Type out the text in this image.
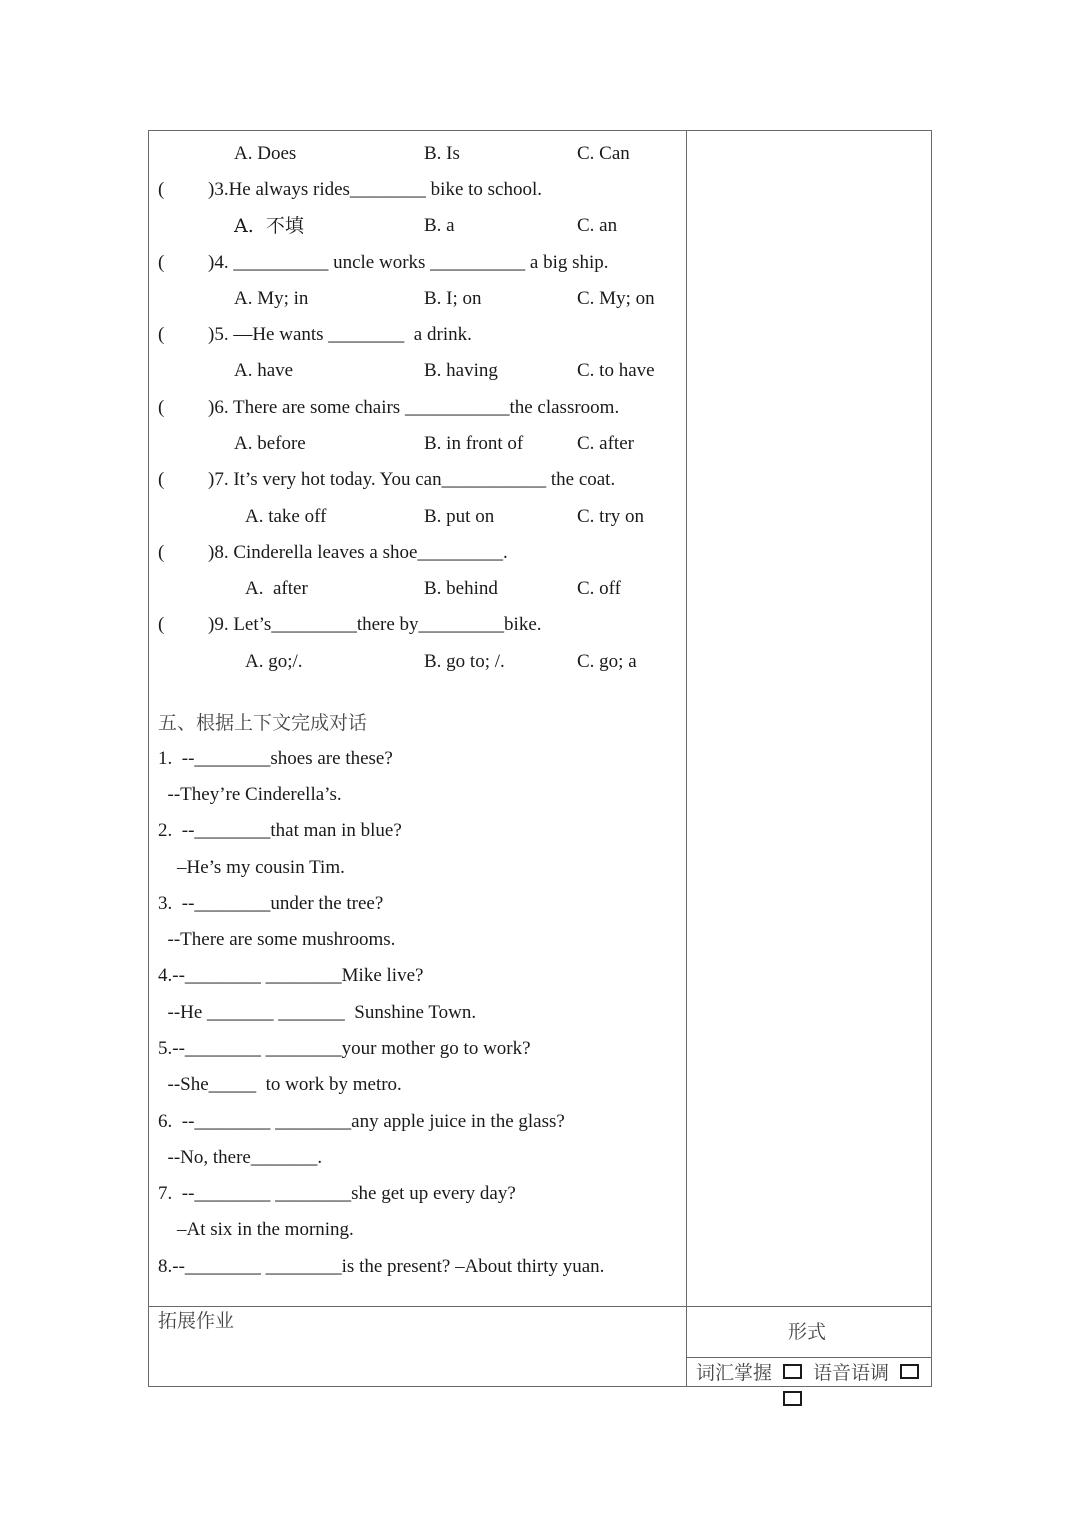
A. Does	B. Is	C. Can
( )3.He always rides________ bike to school.
A.  不填	B. a	C. an
( )4. __________ uncle works __________ a big ship.
A. My; in	B. I; on	C. My; on
( )5. —He wants ________  a drink.
A. have	B. having	C. to have
( )6. There are some chairs ___________the classroom.
A. before	B. in front of	C. after
( )7. It’s very hot today. You can___________ the coat.
A. take off	B. put on	C. try on
( )8. Cinderella leaves a shoe_________.
A.  after	B. behind	C. off
( )9. Let’s_________there by_________bike.
A. go;/.	B. go to; /.	C. go; a
五、根据上下文完成对话
1.  --________shoes are these?
--They’re Cinderella’s.
2.  --________that man in blue?
–He’s my cousin Tim.
3.  --________under the tree?
--There are some mushrooms.
4.--________ ________Mike live?
--He _______ _______  Sunshine Town.
5.--________ ________your mother go to work?
--She_____  to work by metro.
6.  --________ ________any apple juice in the glass?
--No, there_______.
7.  --________ ________she get up every day?
–At six in the morning.
8.--________ ________is the present? –About thirty yuan.
拓展作业	形式
词汇掌握 语音语调
